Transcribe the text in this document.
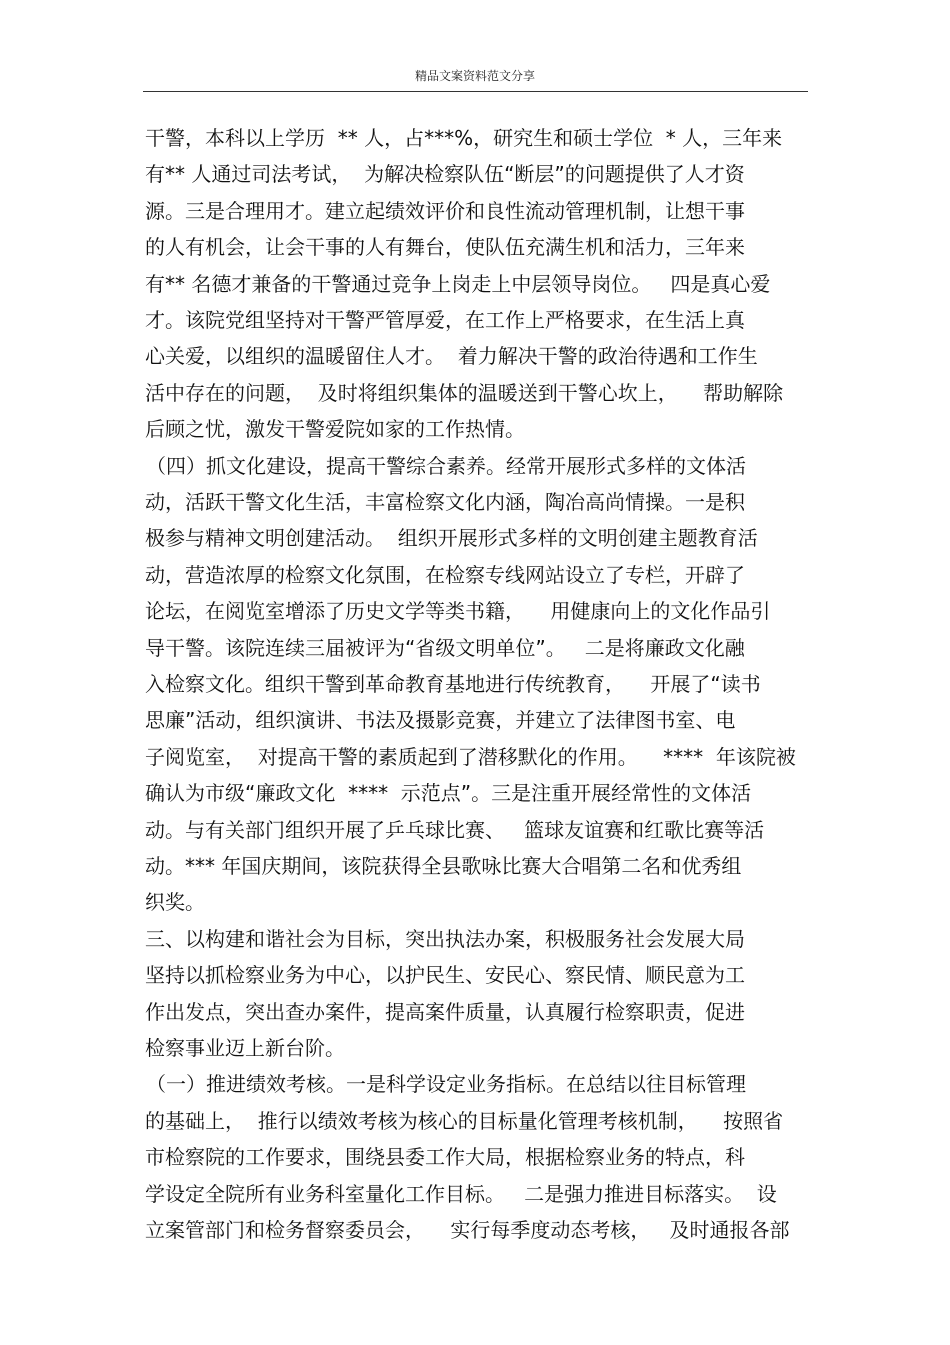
精品文案资料范文分享
干警，本科以上学历  ** 人，占***%，研究生和硕士学位  * 人，三年来
有** 人通过司法考试，  为解决检察队伍“断层”的问题提供了人才资
源。三是合理用才。建立起绩效评价和良性流动管理机制，让想干事
的人有机会，让会干事的人有舞台，使队伍充满生机和活力，三年来
有** 名德才兼备的干警通过竞争上岗走上中层领导岗位。   四是真心爱
才。该院党组坚持对干警严管厚爱，在工作上严格要求，在生活上真
心关爱，以组织的温暖留住人才。  着力解决干警的政治待遇和工作生
活中存在的问题，  及时将组织集体的温暖送到干警心坎上，    帮助解除
后顾之忧，激发干警爱院如家的工作热情。
（四）抓文化建设，提高干警综合素养。经常开展形式多样的文体活
动，活跃干警文化生活，丰富检察文化内涵，陶冶高尚情操。一是积
极参与精神文明创建活动。  组织开展形式多样的文明创建主题教育活
动，营造浓厚的检察文化氛围，在检察专线网站设立了专栏，开辟了
论坛，在阅览室增添了历史文学等类书籍，    用健康向上的文化作品引
导干警。该院连续三届被评为“省级文明单位”。   二是将廉政文化融
入检察文化。组织干警到革命教育基地进行传统教育，    开展了“读书
思廉”活动，组织演讲、书法及摄影竞赛，并建立了法律图书室、电
子阅览室，  对提高干警的素质起到了潜移默化的作用。    ****  年该院被
确认为市级“廉政文化  ****  示范点”。三是注重开展经常性的文体活
动。与有关部门组织开展了乒乓球比赛、   篮球友谊赛和红歌比赛等活
动。*** 年国庆期间，该院获得全县歌咏比赛大合唱第二名和优秀组
织奖。
三、以构建和谐社会为目标，突出执法办案，积极服务社会发展大局
坚持以抓检察业务为中心，以护民生、安民心、察民情、顺民意为工
作出发点，突出查办案件，提高案件质量，认真履行检察职责，促进
检察事业迈上新台阶。
（一）推进绩效考核。一是科学设定业务指标。在总结以往目标管理
的基础上，  推行以绩效考核为核心的目标量化管理考核机制，    按照省
市检察院的工作要求，围绕县委工作大局，根据检察业务的特点，科
学设定全院所有业务科室量化工作目标。   二是强力推进目标落实。  设
立案管部门和检务督察委员会，    实行每季度动态考核，   及时通报各部
